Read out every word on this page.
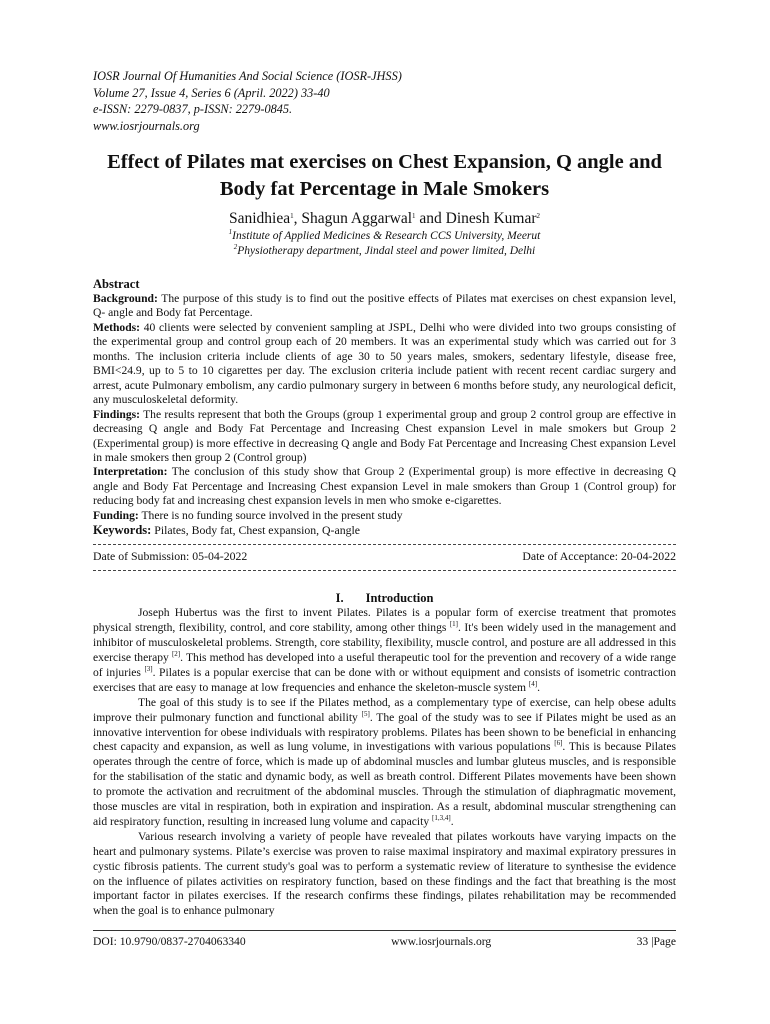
IOSR Journal Of Humanities And Social Science (IOSR-JHSS)
Volume 27, Issue 4, Series 6 (April. 2022) 33-40
e-ISSN: 2279-0837, p-ISSN: 2279-0845.
www.iosrjournals.org
Effect of Pilates mat exercises on Chest Expansion, Q angle and Body fat Percentage in Male Smokers
Sanidhiea$^1$, Shagun Aggarwal$^1$ and Dinesh Kumar$^2$
$^1$Institute of Applied Medicines & Research CCS University, Meerut
$^2$Physiotherapy department, Jindal steel and power limited, Delhi
Abstract

Background: The purpose of this study is to find out the positive effects of Pilates mat exercises on chest expansion level, Q- angle and Body fat Percentage.

Methods: 40 clients were selected by convenient sampling at JSPL, Delhi who were divided into two groups consisting of the experimental group and control group each of 20 members. It was an experimental study which was carried out for 3 months. The inclusion criteria include clients of age 30 to 50 years males, smokers, sedentary lifestyle, disease free, BMI<24.9, up to 5 to 10 cigarettes per day. The exclusion criteria include patient with recent recent cardiac surgery and arrest, acute Pulmonary embolism, any cardio pulmonary surgery in between 6 months before study, any neurological deficit, any musculoskeletal deformity.

Findings: The results represent that both the Groups (group 1 experimental group and group 2 control group are effective in decreasing Q angle and Body Fat Percentage and Increasing Chest expansion Level in male smokers but Group 2 (Experimental group) is more effective in decreasing Q angle and Body Fat Percentage and Increasing Chest expansion Level in male smokers then group 2 (Control group)

Interpretation: The conclusion of this study show that Group 2 (Experimental group) is more effective in decreasing Q angle and Body Fat Percentage and Increasing Chest expansion Level in male smokers than Group 1 (Control group) for reducing body fat and increasing chest expansion levels in men who smoke e-cigarettes.

Funding: There is no funding source involved in the present study

Keywords: Pilates, Body fat, Chest expansion, Q-angle
Date of Submission: 05-04-2022	Date of Acceptance: 20-04-2022
I. Introduction

Joseph Hubertus was the first to invent Pilates. Pilates is a popular form of exercise treatment that promotes physical strength, flexibility, control, and core stability, among other things [1]. It's been widely used in the management and inhibitor of musculoskeletal problems. Strength, core stability, flexibility, muscle control, and posture are all addressed in this exercise therapy [2]. This method has developed into a useful therapeutic tool for the prevention and recovery of a wide range of injuries [3]. Pilates is a popular exercise that can be done with or without equipment and consists of isometric contraction exercises that are easy to manage at low frequencies and enhance the skeleton-muscle system [4].

The goal of this study is to see if the Pilates method, as a complementary type of exercise, can help obese adults improve their pulmonary function and functional ability [5]. The goal of the study was to see if Pilates might be used as an innovative intervention for obese individuals with respiratory problems. Pilates has been shown to be beneficial in enhancing chest capacity and expansion, as well as lung volume, in investigations with various populations [6]. This is because Pilates operates through the centre of force, which is made up of abdominal muscles and lumbar gluteus muscles, and is responsible for the stabilisation of the static and dynamic body, as well as breath control. Different Pilates movements have been shown to promote the activation and recruitment of the abdominal muscles. Through the stimulation of diaphragmatic movement, those muscles are vital in respiration, both in expiration and inspiration. As a result, abdominal muscular strengthening can aid respiratory function, resulting in increased lung volume and capacity [1,3,4].

Various research involving a variety of people have revealed that pilates workouts have varying impacts on the heart and pulmonary systems. Pilate’s exercise was proven to raise maximal inspiratory and maximal expiratory pressures in cystic fibrosis patients. The current study's goal was to perform a systematic review of literature to synthesise the evidence on the influence of pilates activities on respiratory function, based on these findings and the fact that breathing is the most important factor in pilates exercises. If the research confirms these findings, pilates rehabilitation may be recommended when the goal is to enhance pulmonary

DOI: 10.9790/0837-2704063340	www.iosrjournals.org	33 |Page
